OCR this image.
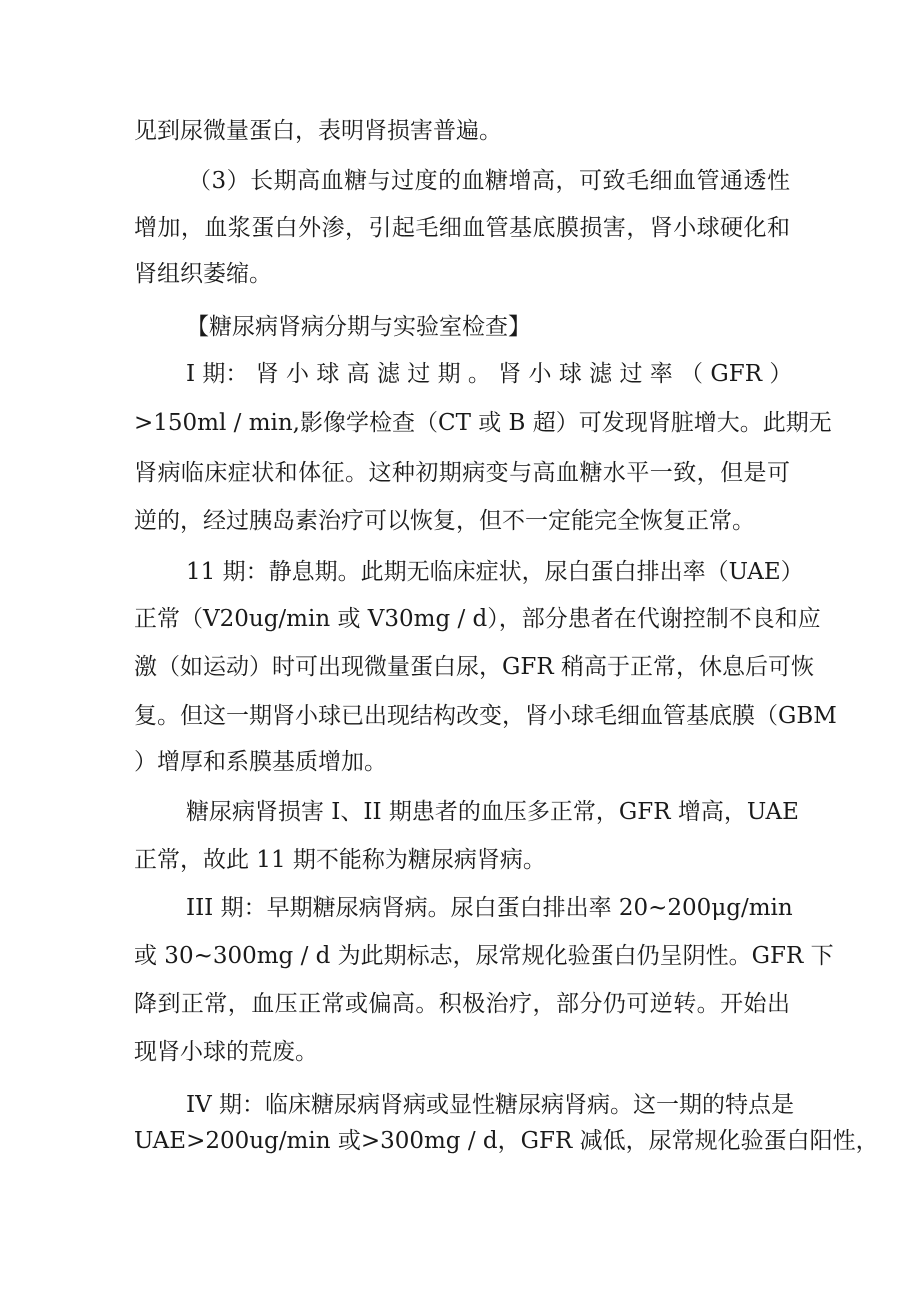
见到尿微量蛋白，表明肾损害普遍。
（3）长期高血糖与过度的血糖增高，可致毛细血管通透性
增加，血浆蛋白外渗，引起毛细血管基底膜损害，肾小球硬化和
肾组织萎缩。
【糖尿病肾病分期与实验室检查】
I 期： 肾 小 球 高 滤 过 期 。 肾 小 球 滤 过 率 （ GFR ）
>150ml / min,影像学检查（CT 或 B 超）可发现肾脏增大。此期无
肾病临床症状和体征。这种初期病变与高血糖水平一致，但是可
逆的，经过胰岛素治疗可以恢复，但不一定能完全恢复正常。
11 期：静息期。此期无临床症状，尿白蛋白排出率（UAE）
正常（V20ug/min 或 V30mg / d），部分患者在代谢控制不良和应
激（如运动）时可出现微量蛋白尿，GFR 稍高于正常，休息后可恢
复。但这一期肾小球已出现结构改变，肾小球毛细血管基底膜（GBM
）增厚和系膜基质增加。
糖尿病肾损害 I、II 期患者的血压多正常，GFR 增高，UAE
正常，故此 11 期不能称为糖尿病肾病。
III 期：早期糖尿病肾病。尿白蛋白排出率 20~200μg/min
或 30~300mg / d 为此期标志，尿常规化验蛋白仍呈阴性。GFR 下
降到正常，血压正常或偏高。积极治疗，部分仍可逆转。开始出
现肾小球的荒废。
IV 期：临床糖尿病肾病或显性糖尿病肾病。这一期的特点是
UAE>200ug/min 或>300mg / d，GFR 减低，尿常规化验蛋白阳性，
